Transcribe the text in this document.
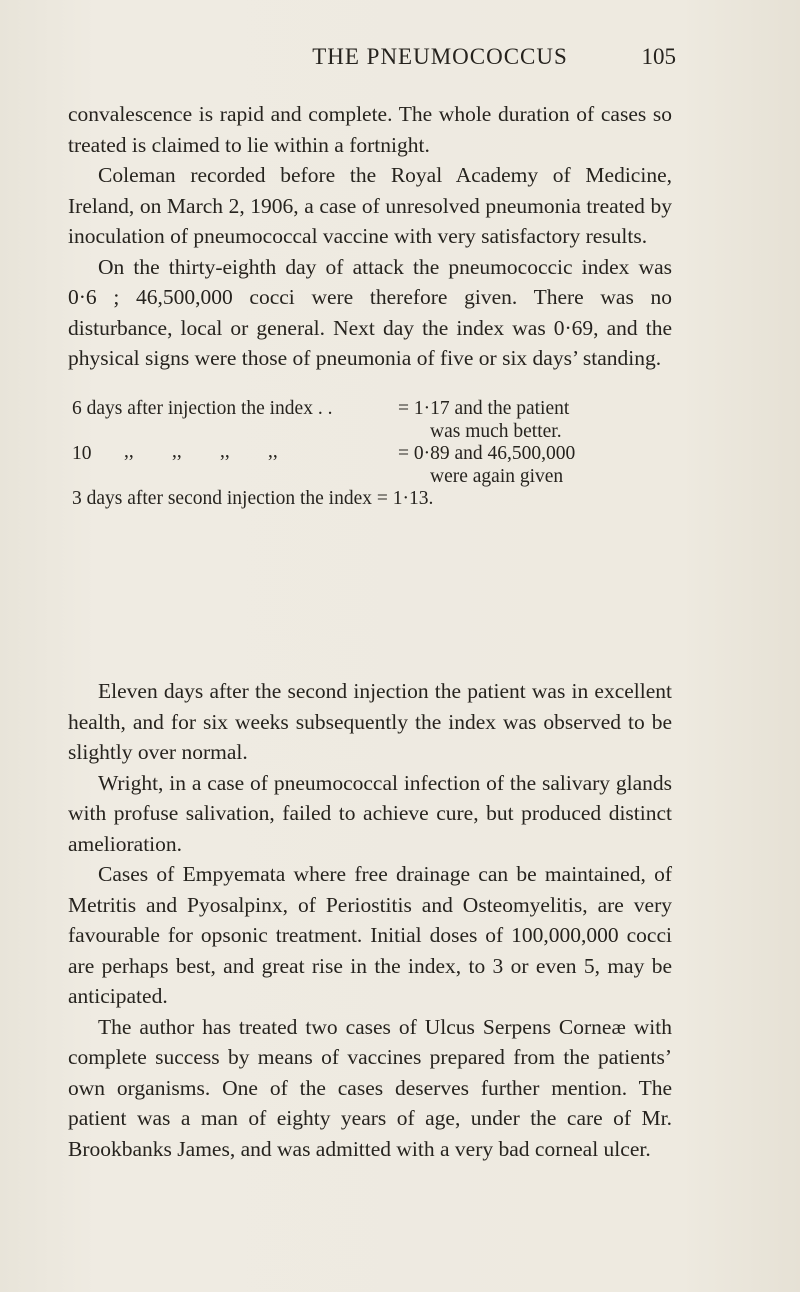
THE PNEUMOCOCCUS	105

convalescence is rapid and complete. The whole duration of cases so treated is claimed to lie within a fortnight.

Coleman recorded before the Royal Academy of Medicine, Ireland, on March 2, 1906, a case of unresolved pneumonia treated by inoculation of pneumococcal vaccine with very satisfactory results.

On the thirty-eighth day of attack the pneumococcic index was 0·6 ; 46,500,000 cocci were therefore given. There was no disturbance, local or general. Next day the index was 0·69, and the physical signs were those of pneumonia of five or six days’ standing.

6 days after injection the index . .	= 1·17 and the patient
was much better.
10 ,, ,, ,, ,,	= 0·89 and 46,500,000
were again given
3 days after second injection the index = 1·13.

Eleven days after the second injection the patient was in excellent health, and for six weeks subsequently the index was observed to be slightly over normal.

Wright, in a case of pneumococcal infection of the salivary glands with profuse salivation, failed to achieve cure, but produced distinct amelioration.

Cases of Empyemata where free drainage can be maintained, of Metritis and Pyosalpinx, of Periostitis and Osteomyelitis, are very favourable for opsonic treatment. Initial doses of 100,000,000 cocci are perhaps best, and great rise in the index, to 3 or even 5, may be anticipated.

The author has treated two cases of Ulcus Serpens Corneæ with complete success by means of vaccines prepared from the patients’ own organisms. One of the cases deserves further mention. The patient was a man of eighty years of age, under the care of Mr. Brookbanks James, and was admitted with a very bad corneal ulcer.
